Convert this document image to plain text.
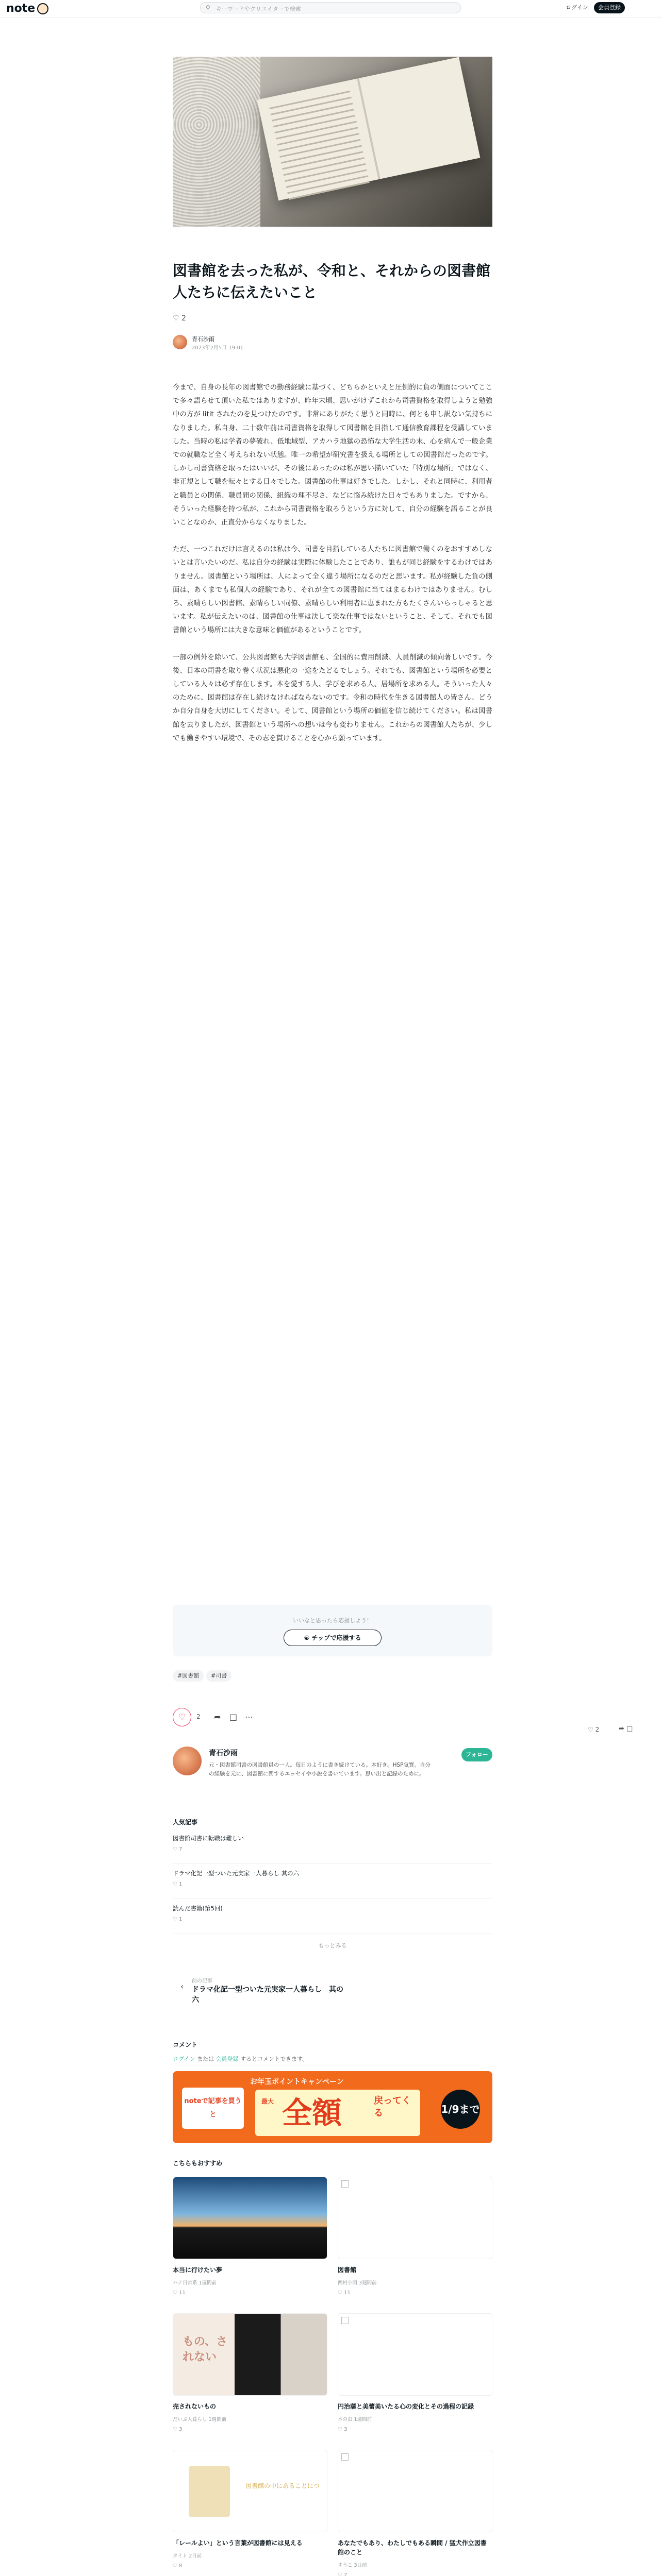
note	⚲ キーワードやクリエイターで検索	ログイン	会員登録
図書館を去った私が、令和と、それからの図書館人たちに伝えたいこと
♡ 2
青石沙雨
2023年2月5日 19:01

今まで、自身の長年の図書館での勤務経験に基づく、どちらかといえと圧倒的に負の側面についてここで多々語らせて頂いた私ではありますが、昨年末頃、思いがけずこれから司書資格を取得しようと勉強中の方が litit されたのを見つけたのです。非常にありがたく思うと同時に、何とも申し訳ない気持ちになりました。私自身、二十数年前は司書資格を取得して図書館を目指して通信教育課程を受講していました。当時の私は学者の夢破れ、低地域型、アカハラ地獄の恐怖な大学生活の末、心を病んで一般企業での就職など全く考えられない状態。唯一の希望が研究書を扱える場所としての図書館だったのです。しかし司書資格を取ったはいいが、その後にあったのは私が思い描いていた「特別な場所」ではなく、非正規として職を転々とする日々でした。図書館の仕事は好きでした。しかし、それと同時に、利用者と職員との関係、職員間の関係、組織の理不尽さ、などに悩み続けた日々でもありました。ですから、そういった経験を持つ私が、これから司書資格を取ろうという方に対して、自分の経験を語ることが良いことなのか、正直分からなくなりました。

ただ、一つこれだけは言えるのは私は今、司書を目指している人たちに図書館で働くのをおすすめしないとは言いたいのだ。私は自分の経験は実際に体験したことであり、誰もが同じ経験をするわけではありません。図書館という場所は、人によって全く違う場所になるのだと思います。私が経験した負の側面は、あくまでも私個人の経験であり、それが全ての図書館に当てはまるわけではありません。むしろ、素晴らしい図書館、素晴らしい同僚、素晴らしい利用者に恵まれた方もたくさんいらっしゃると思います。私が伝えたいのは、図書館の仕事は決して楽な仕事ではないということ、そして、それでも図書館という場所には大きな意味と価値があるということです。

一部の例外を除いて、公共図書館も大学図書館も、全国的に費用削減、人員削減の傾向著しいです。今後、日本の司書を取り巻く状況は悪化の一途をたどるでしょう。それでも、図書館という場所を必要としている人々は必ず存在します。本を愛する人、学びを求める人、居場所を求める人。そういった人々のために、図書館は存在し続けなければならないのです。令和の時代を生きる図書館人の皆さん、どうか自分自身を大切にしてください。そして、図書館という場所の価値を信じ続けてください。私は図書館を去りましたが、図書館という場所への想いは今も変わりません。これからの図書館人たちが、少しでも働きやすい環境で、その志を貫けることを心から願っています。

いいなと思ったら応援しよう！
☯ チップで応援する
#図書館	#司書
♡	2 ➦ □ ⋯
♡ 2	➦ □
青石沙雨
元・図書館司書の図書館員の一人。毎日のように書き続けている。本好き。HSP気質。自分の経験を元に、図書館に関するエッセイや小説を書いています。思い出と記録のために。
フォロー
人気記事
図書館司書に転職は難しい
♡ 7
ドラマ化記一型ついた元実家一人暮らし 其の六
♡ 1
読んだ書籍(第5回)
♡ 1
もっとみる
‹
前の記事
ドラマ化記一型ついた元実家一人暮らし　其の六
コメント
ログイン または 会員登録 するとコメントできます。
お年玉ポイントキャンペーン
noteで記事を買うと
最大 全額	戻ってくる	1/9まで
こちらもおすすめ
本当に行けたい夢
ハナ日常系 1週間前
♡ 11
図書館
西村小雨 3週間前
♡ 11
もの、されない
売されないもの
だいぶ人暮らし 1週間前
♡ 3
円治藩と美蕾美いたる心の変化とその過程の記録
本の虫 1週間前
♡ 3
図書館の中にあることにつ
「レールよい」という言葉が図書館には見える
タイト 2日前
♡ 8
あなたでもあり、わたしでもある瞬間 / 猛犬作立図書館のこと
すうこ 3日前
♡ 2
